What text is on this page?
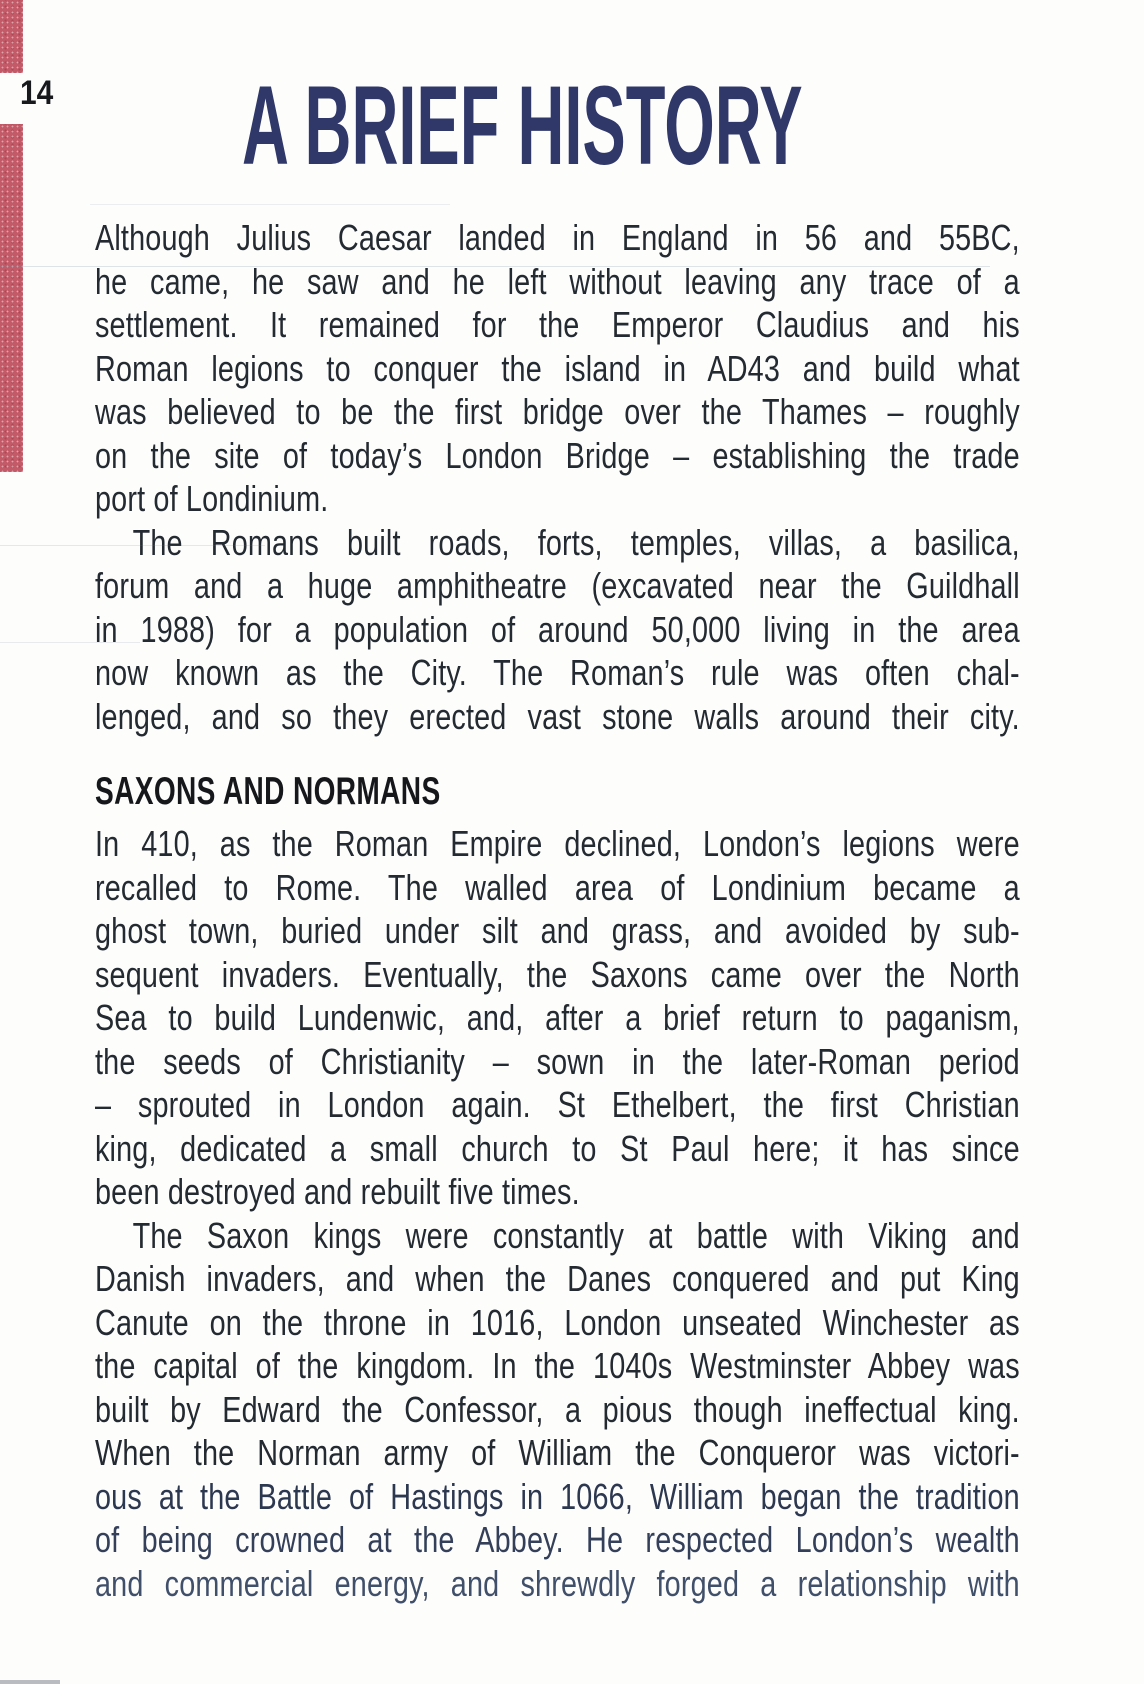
14	A BRIEF HISTORY
Although Julius Caesar landed in England in 56 and 55BC,
he came, he saw and he left without leaving any trace of a
settlement. It remained for the Emperor Claudius and his
Roman legions to conquer the island in AD43 and build what
was believed to be the first bridge over the Thames – roughly
on the site of today’s London Bridge – establishing the trade
port of Londinium.
The Romans built roads, forts, temples, villas, a basilica,
forum and a huge amphitheatre (excavated near the Guildhall
in 1988) for a population of around 50,000 living in the area
now known as the City. The Roman’s rule was often chal-
lenged, and so they erected vast stone walls around their city.
SAXONS AND NORMANS
In 410, as the Roman Empire declined, London’s legions were
recalled to Rome. The walled area of Londinium became a
ghost town, buried under silt and grass, and avoided by sub-
sequent invaders. Eventually, the Saxons came over the North
Sea to build Lundenwic, and, after a brief return to paganism,
the seeds of Christianity – sown in the later-Roman period
– sprouted in London again. St Ethelbert, the first Christian
king, dedicated a small church to St Paul here; it has since
been destroyed and rebuilt five times.
The Saxon kings were constantly at battle with Viking and
Danish invaders, and when the Danes conquered and put King
Canute on the throne in 1016, London unseated Winchester as
the capital of the kingdom. In the 1040s Westminster Abbey was
built by Edward the Confessor, a pious though ineffectual king.
When the Norman army of William the Conqueror was victori-
ous at the Battle of Hastings in 1066, William began the tradition
of being crowned at the Abbey. He respected London’s wealth
and commercial energy, and shrewdly forged a relationship with
